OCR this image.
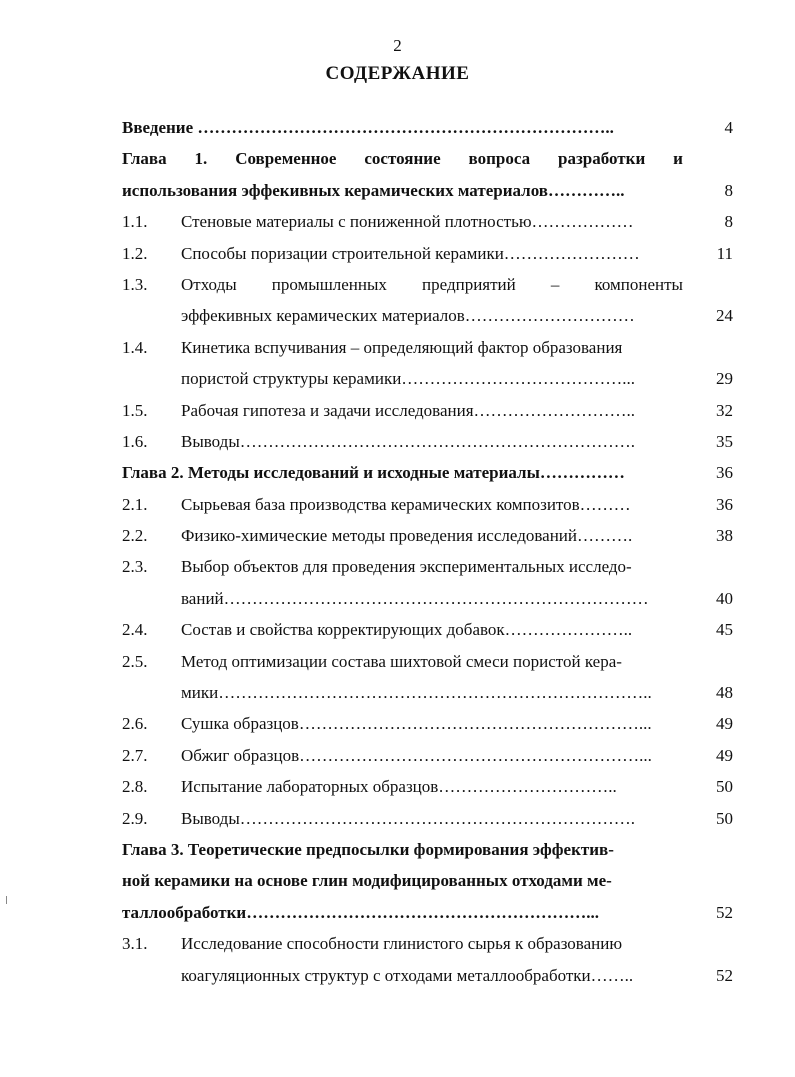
2
СОДЕРЖАНИЕ
Введение ………………………………………………………………..	4
Глава 1. Современное состояние вопроса разработки и
использования эффекивных керамических материалов…………..	8
1.1. Стеновые материалы с пониженной плотностью………………	8
1.2. Способы поризации строительной керамики……………………	11
1.3. Отходы промышленных предприятий – компоненты
эффекивных керамических материалов…………………………	24
1.4. Кинетика вспучивания – определяющий фактор образования
пористой структуры керамики…………………………………...	29
1.5. Рабочая гипотеза и задачи исследования………………………..	32
1.6. Выводы…………………………………………………………….	35
Глава 2. Методы исследований и исходные материалы……………	36
2.1. Сырьевая база производства керамических композитов………	36
2.2. Физико-химические методы проведения исследований……….	38
2.3. Выбор объектов для проведения экспериментальных исследо-
ваний…………………………………………………………………	40
2.4. Состав и свойства корректирующих добавок…………………..	45
2.5. Метод оптимизации состава шихтовой смеси пористой кера-
мики…………………………………………………………………..	48
2.6. Сушка образцов……………………………………………………...	49
2.7. Обжиг образцов……………………………………………………...	49
2.8. Испытание лабораторных образцов…………………………..	50
2.9. Выводы…………………………………………………………….	50
Глава 3. Теоретические предпосылки формирования эффектив-
ной керамики на основе глин модифицированных отходами ме-
таллообработки……………………………………………………...	52
3.1. Исследование способности глинистого сырья к образованию
коагуляционных структур с отходами металлообработки……..	52
